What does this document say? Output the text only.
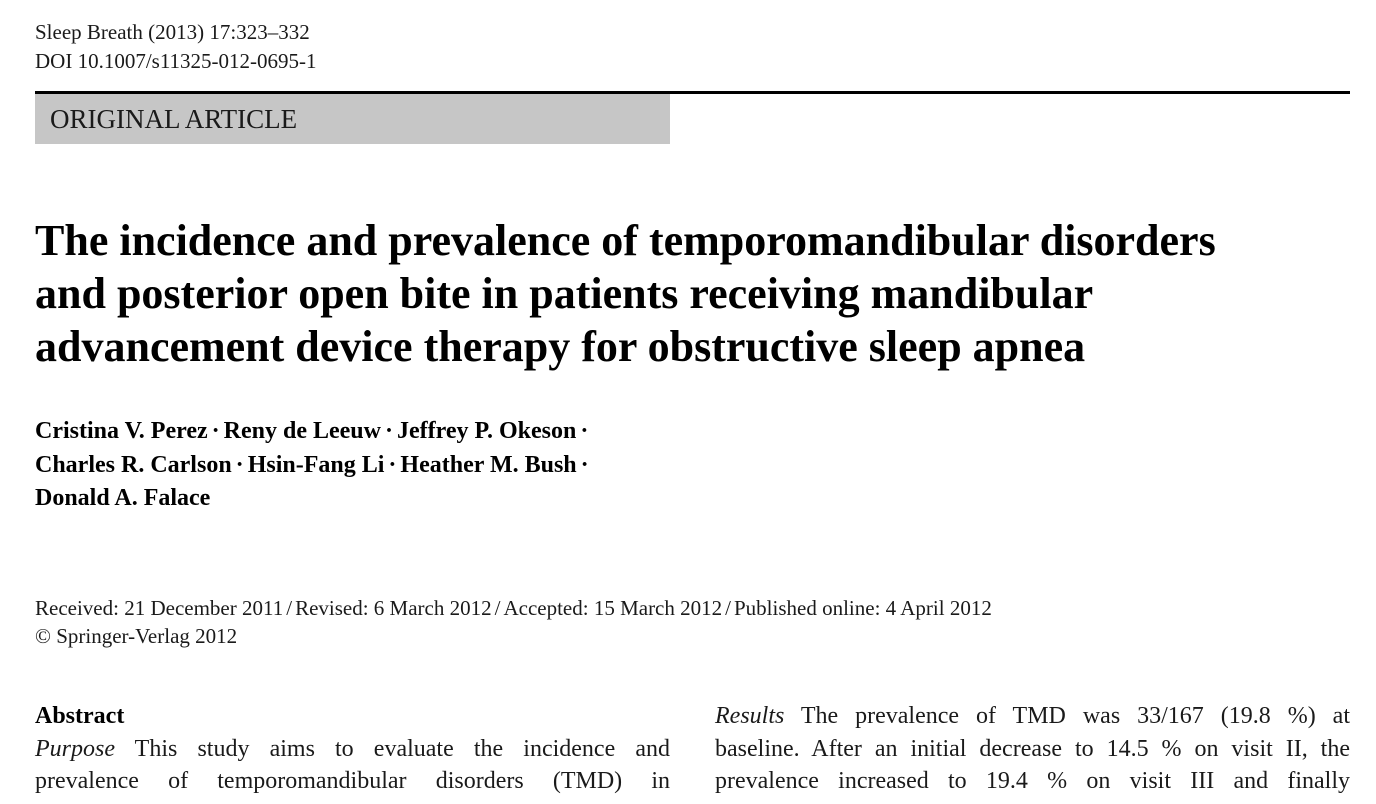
Sleep Breath (2013) 17:323–332
DOI 10.1007/s11325-012-0695-1
ORIGINAL ARTICLE
The incidence and prevalence of temporomandibular disorders
and posterior open bite in patients receiving mandibular
advancement device therapy for obstructive sleep apnea
Cristina V. Perez · Reny de Leeuw · Jeffrey P. Okeson ·
Charles R. Carlson · Hsin-Fang Li · Heather M. Bush ·
Donald A. Falace
Received: 21 December 2011 / Revised: 6 March 2012 / Accepted: 15 March 2012 / Published online: 4 April 2012
© Springer-Verlag 2012
Abstract
Purpose This study aims to evaluate the incidence and
prevalence of temporomandibular disorders (TMD) in
Results The prevalence of TMD was 33/167 (19.8 %) at
baseline. After an initial decrease to 14.5 % on visit II, the
prevalence increased to 19.4 % on visit III and finally
